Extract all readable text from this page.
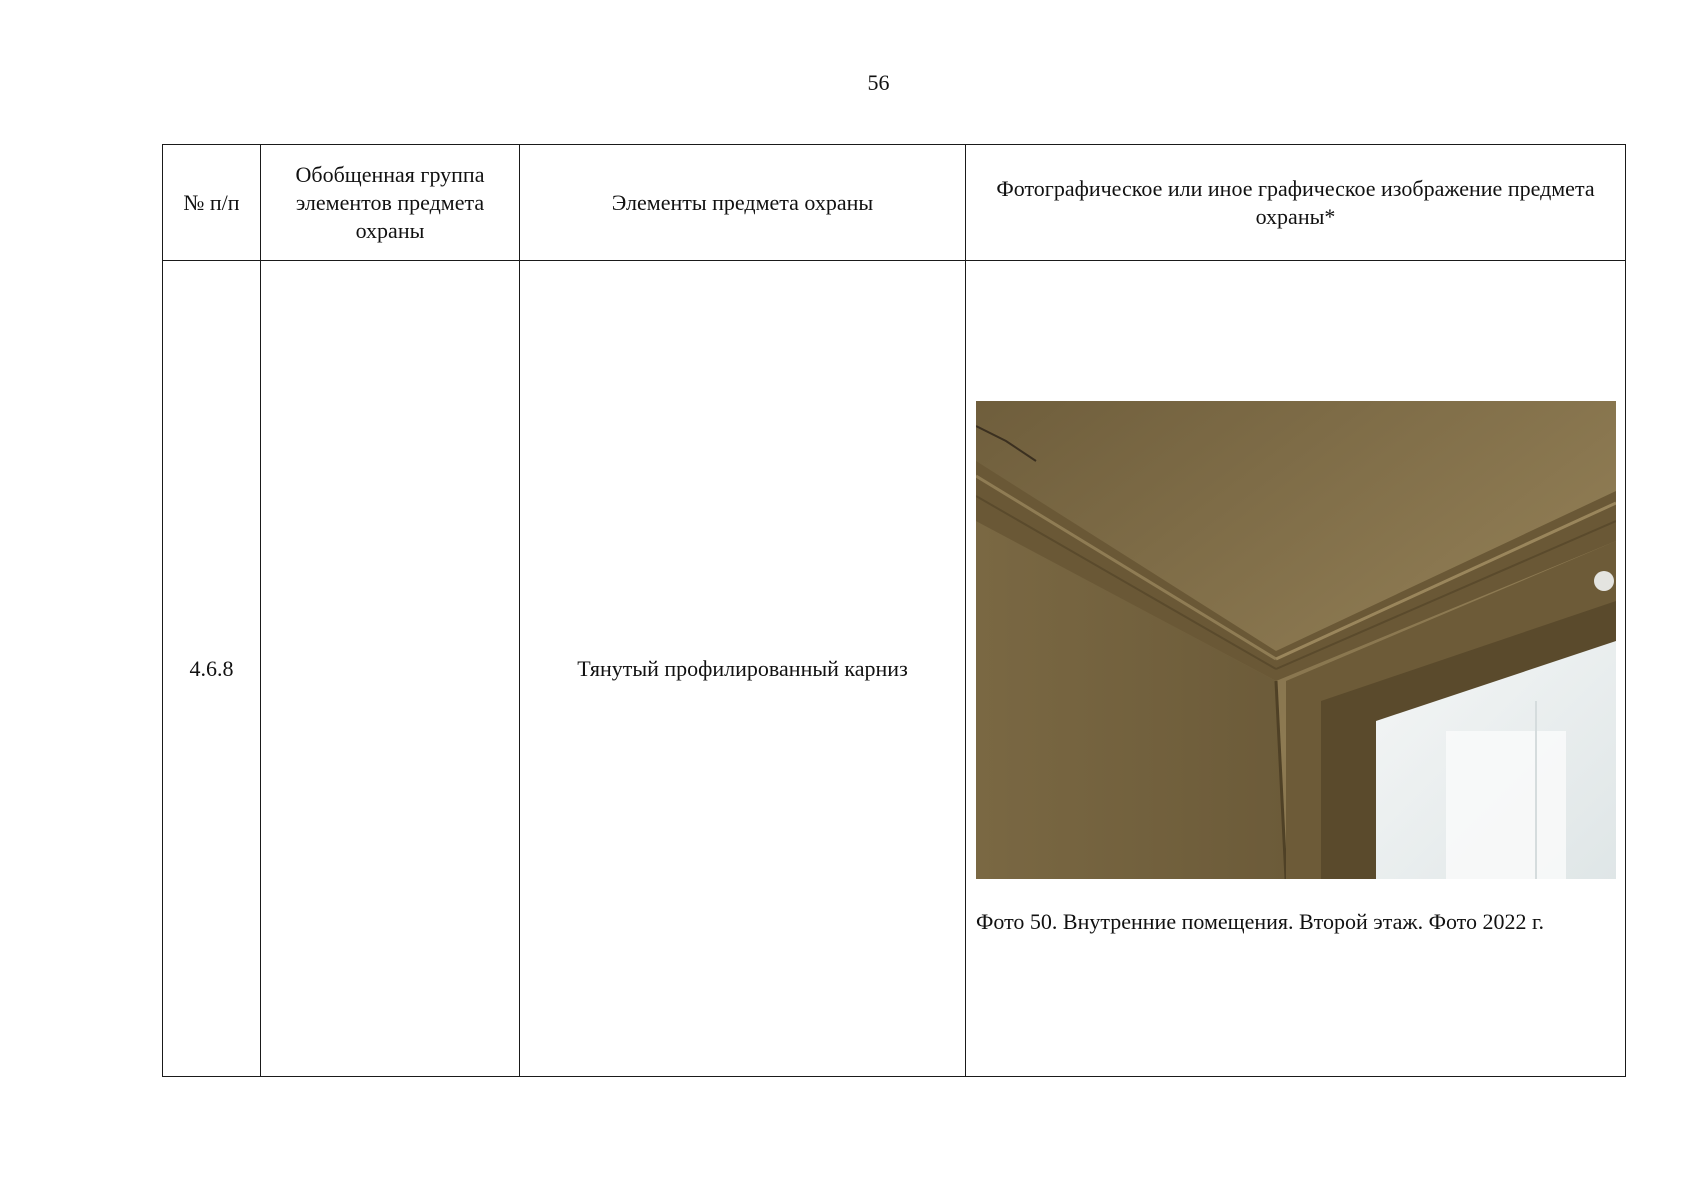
56
№ п/п	Обобщенная группа элементов предмета охраны	Элементы предмета охраны	Фотографическое или иное графическое изображение предмета охраны*
4.6.8		Тянутый профилированный карниз	Фото 50. Внутренние помещения. Второй этаж. Фото 2022 г.
